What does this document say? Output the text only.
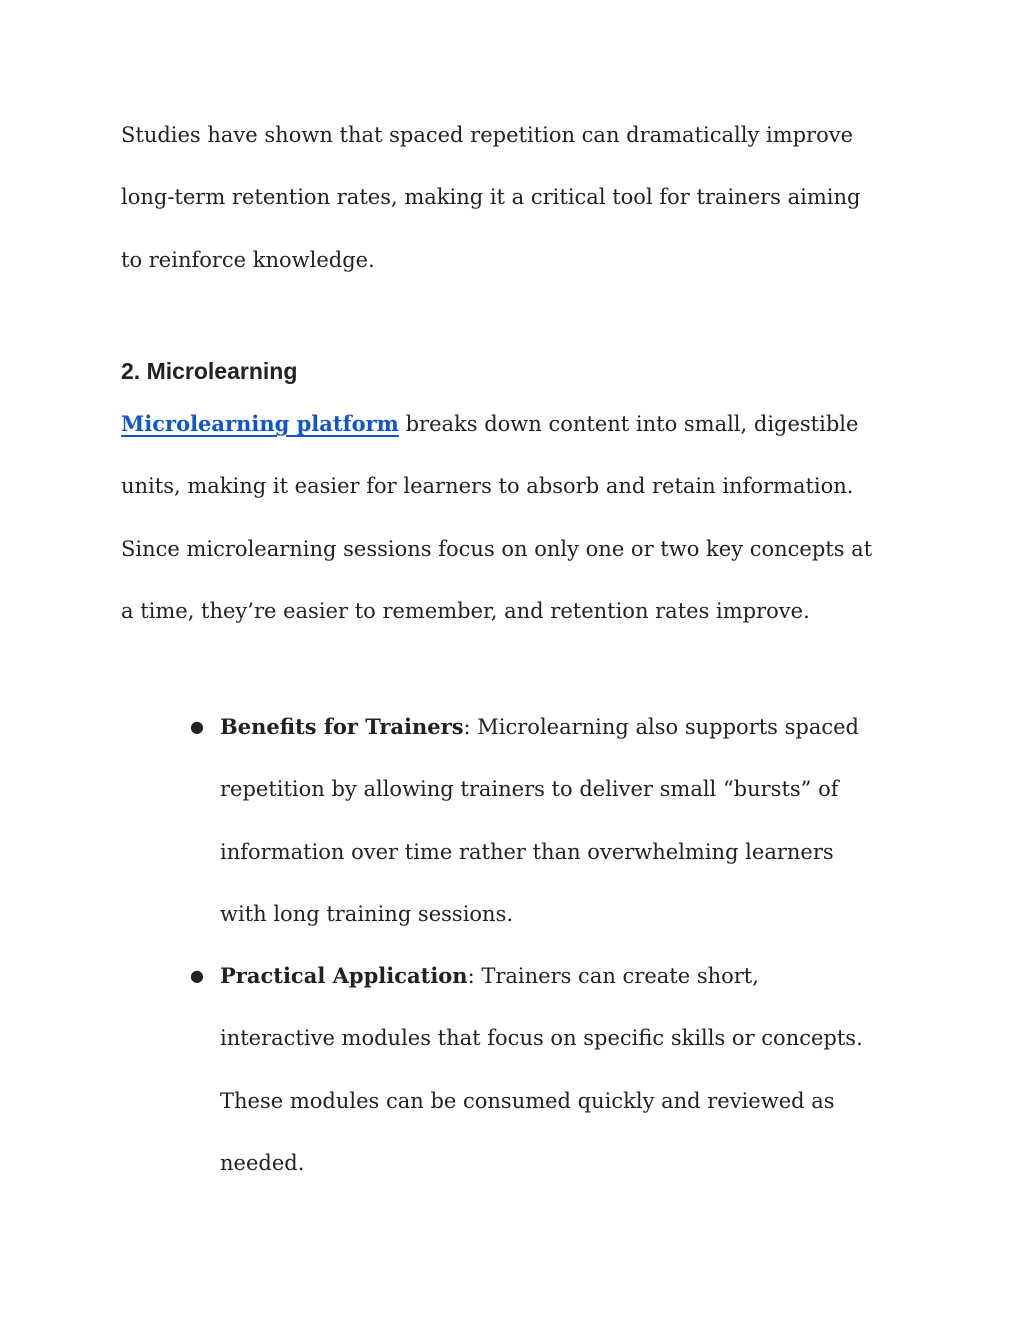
Studies have shown that spaced repetition can dramatically improve
long-term retention rates, making it a critical tool for trainers aiming
to reinforce knowledge.

2. Microlearning

Microlearning platform breaks down content into small, digestible
units, making it easier for learners to absorb and retain information.
Since microlearning sessions focus on only one or two key concepts at
a time, they’re easier to remember, and retention rates improve.

● Benefits for Trainers: Microlearning also supports spaced
repetition by allowing trainers to deliver small “bursts” of
information over time rather than overwhelming learners
with long training sessions.
● Practical Application: Trainers can create short,
interactive modules that focus on specific skills or concepts.
These modules can be consumed quickly and reviewed as
needed.
